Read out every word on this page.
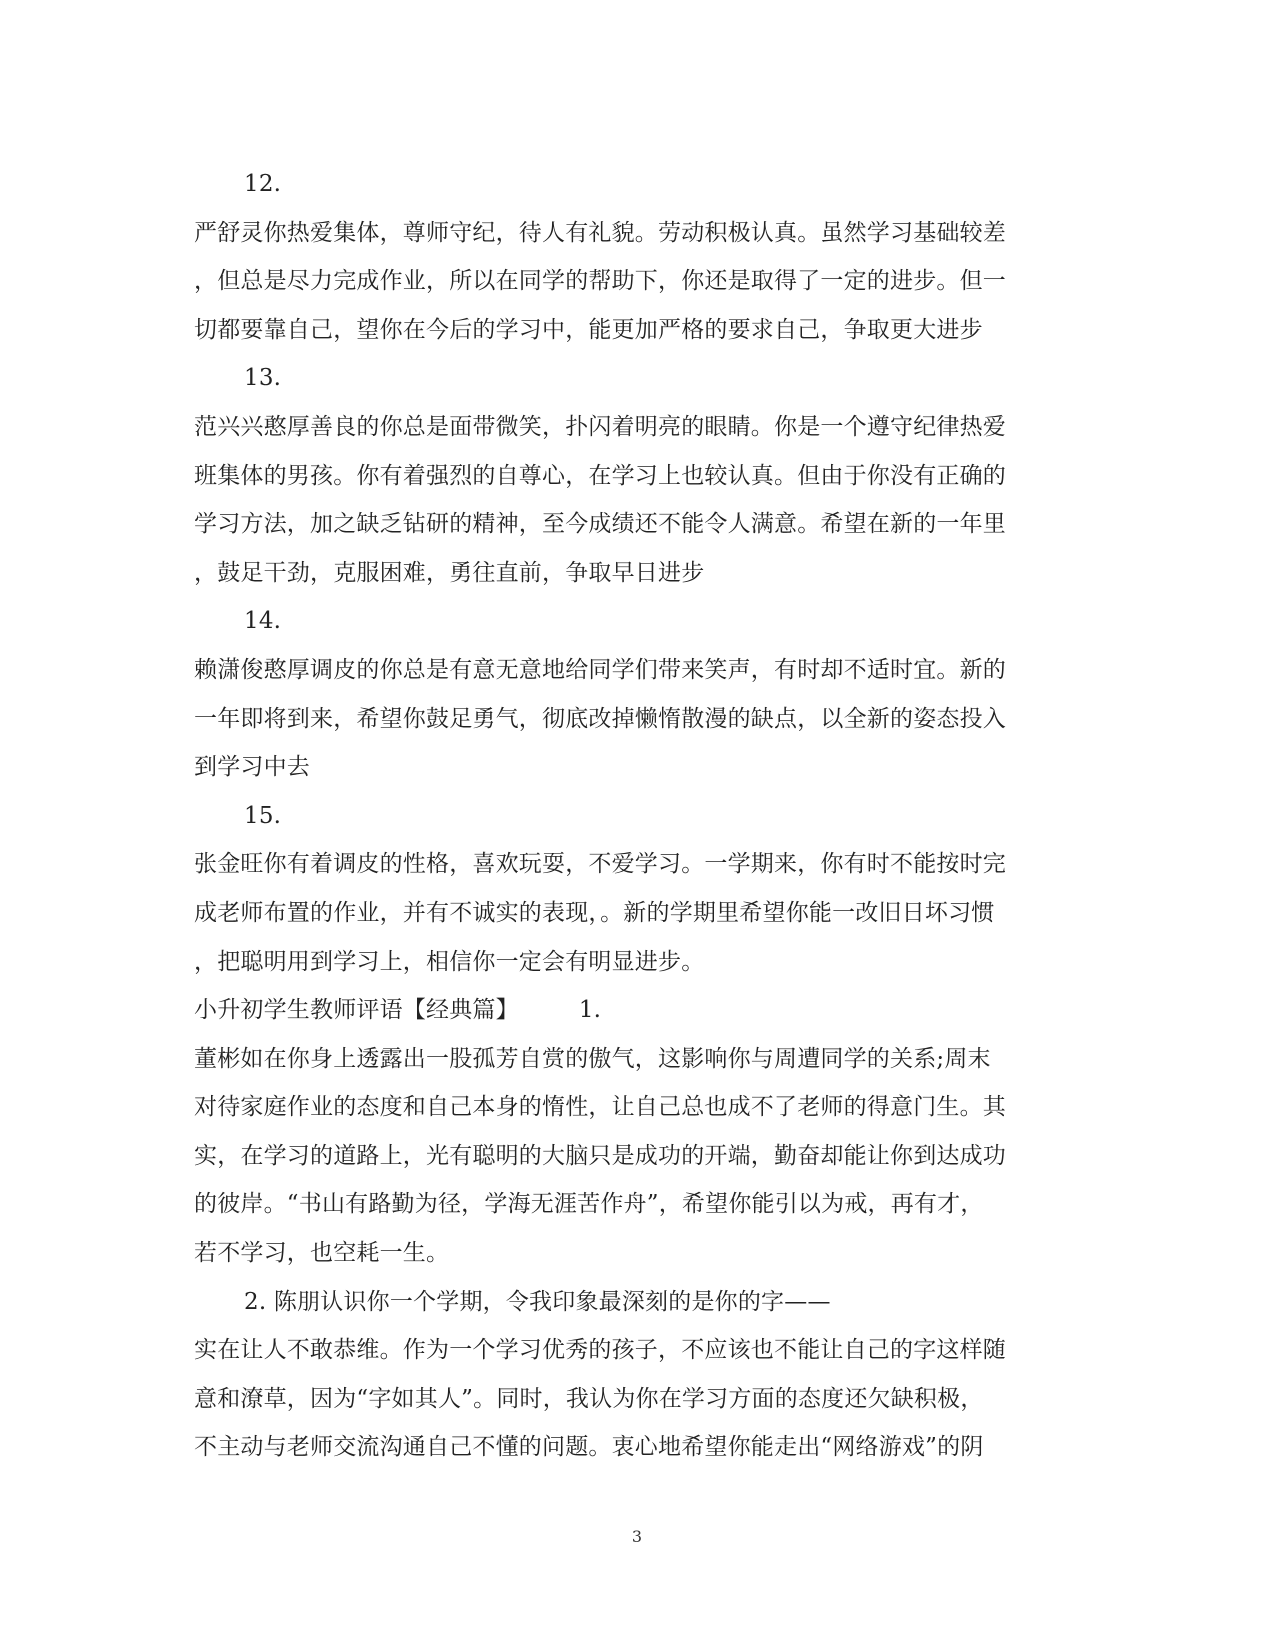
12.
严舒灵你热爱集体，尊师守纪，待人有礼貌。劳动积极认真。虽然学习基础较差
，但总是尽力完成作业，所以在同学的帮助下，你还是取得了一定的进步。但一
切都要靠自己，望你在今后的学习中，能更加严格的要求自己，争取更大进步
13.
范兴兴憨厚善良的你总是面带微笑，扑闪着明亮的眼睛。你是一个遵守纪律热爱
班集体的男孩。你有着强烈的自尊心，在学习上也较认真。但由于你没有正确的
学习方法，加之缺乏钻研的精神，至今成绩还不能令人满意。希望在新的一年里
，鼓足干劲，克服困难，勇往直前，争取早日进步
14.
赖潇俊憨厚调皮的你总是有意无意地给同学们带来笑声，有时却不适时宜。新的
一年即将到来，希望你鼓足勇气，彻底改掉懒惰散漫的缺点，以全新的姿态投入
到学习中去
15.
张金旺你有着调皮的性格，喜欢玩耍，不爱学习。一学期来，你有时不能按时完
成老师布置的作业，并有不诚实的表现，。新的学期里希望你能一改旧日坏习惯
，把聪明用到学习上，相信你一定会有明显进步。
小升初学生教师评语【经典篇】	1.
董彬如在你身上透露出一股孤芳自赏的傲气，这影响你与周遭同学的关系;周末
对待家庭作业的态度和自己本身的惰性，让自己总也成不了老师的得意门生。其
实，在学习的道路上，光有聪明的大脑只是成功的开端，勤奋却能让你到达成功
的彼岸。“书山有路勤为径，学海无涯苦作舟”，希望你能引以为戒，再有才，
若不学习，也空耗一生。
2. 陈朋认识你一个学期，令我印象最深刻的是你的字——
实在让人不敢恭维。作为一个学习优秀的孩子，不应该也不能让自己的字这样随
意和潦草，因为“字如其人”。同时，我认为你在学习方面的态度还欠缺积极，
不主动与老师交流沟通自己不懂的问题。衷心地希望你能走出“网络游戏”的阴
3
